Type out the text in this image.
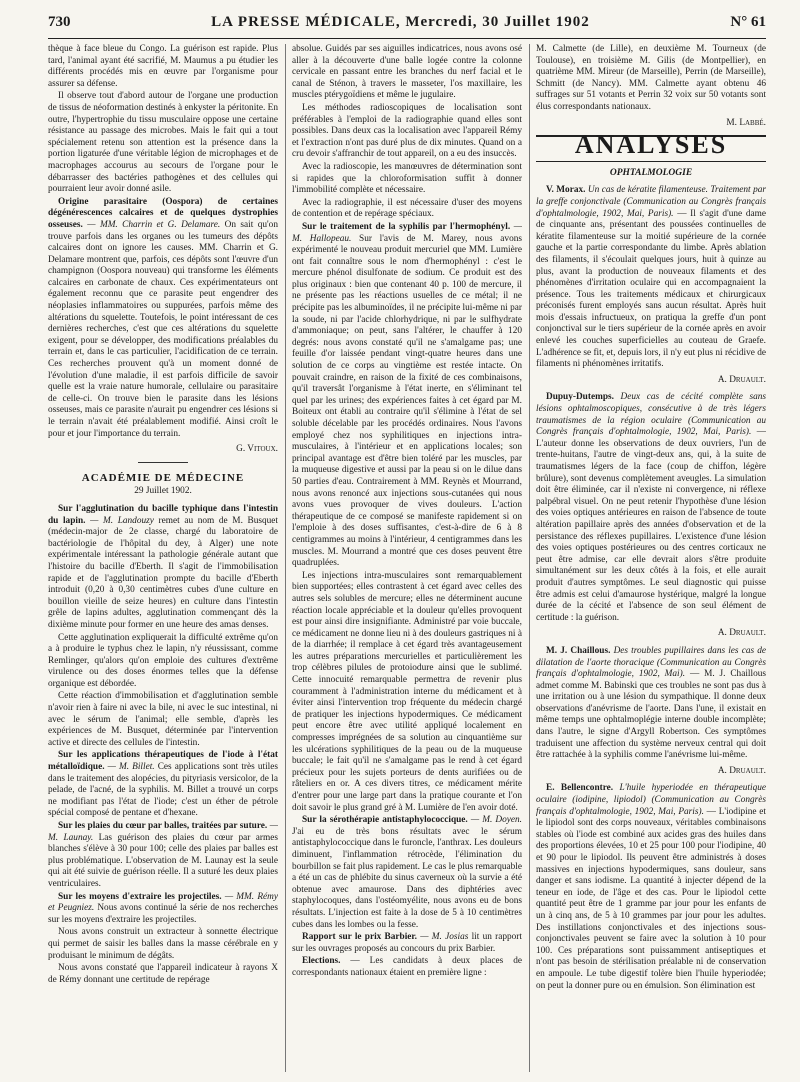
730	LA PRESSE MÉDICALE, Mercredi, 30 Juillet 1902	N° 61

thèque à face bleue du Congo. La guérison est rapide. Plus tard, l'animal ayant été sacrifié, M. Maumus a pu étudier les différents procédés mis en œuvre par l'organisme pour assurer sa défense.

Il observe tout d'abord autour de l'organe une production de tissus de néoformation destinés à enkyster la péritonite. En outre, l'hypertrophie du tissu musculaire oppose une certaine résistance au passage des microbes. Mais le fait qui a tout spécialement retenu son attention est la présence dans la portion ligaturée d'une véritable légion de microphages et de macrophages accourus au secours de l'organe pour le débarrasser des bactéries pathogènes et des cellules qui pourraient leur avoir donné asile.

Origine parasitaire (Oospora) de certaines dégénérescences calcaires et de quelques dystrophies osseuses. — MM. Charrin et G. Delamare. On sait qu'on trouve parfois dans les organes ou les tumeurs des dépôts calcaires dont on ignore les causes. MM. Charrin et G. Delamare montrent que, parfois, ces dépôts sont l'œuvre d'un champignon (Oospora nouveau) qui transforme les éléments calcaires en carbonate de chaux. Ces expérimentateurs ont également reconnu que ce parasite peut engendrer des néoplasies inflammatoires ou suppurées, parfois même des altérations du squelette. Toutefois, le point intéressant de ces dernières recherches, c'est que ces altérations du squelette exigent, pour se développer, des modifications préalables du terrain et, dans le cas particulier, l'acidification de ce terrain. Ces recherches prouvent qu'à un moment donné de l'évolution d'une maladie, il est parfois difficile de savoir quelle est la vraie nature humorale, cellulaire ou parasitaire de celle-ci. On trouve bien le parasite dans les lésions osseuses, mais ce parasite n'aurait pu engendrer ces lésions si le terrain n'avait été préalablement modifié. Ainsi croît le pour et jour l'importance du terrain.

G. Vitoux.

ACADÉMIE DE MÉDECINE

29 Juillet 1902.

Sur l'agglutination du bacille typhique dans l'intestin du lapin. — M. Landouzy remet au nom de M. Busquet (médecin-major de 2e classe, chargé du laboratoire de bactériologie de l'hôpital du dey, à Alger) une note expérimentale intéressant la pathologie générale autant que l'histoire du bacille d'Eberth. Il s'agit de l'immobilisation rapide et de l'agglutination prompte du bacille d'Eberth introduit (0,20 à 0,30 centimètres cubes d'une culture en bouillon vieille de seize heures) en culture dans l'intestin grêle de lapins adultes, agglutination commençant dès la dixième minute pour former en une heure des amas denses.

Cette agglutination expliquerait la difficulté extrême qu'on a à produire le typhus chez le lapin, n'y réussissant, comme Remlinger, qu'alors qu'on emploie des cultures d'extrême virulence ou des doses énormes telles que la défense organique est débordée.

Cette réaction d'immobilisation et d'agglutination semble n'avoir rien à faire ni avec la bile, ni avec le suc intestinal, ni avec le sérum de l'animal; elle semble, d'après les expériences de M. Busquet, déterminée par l'intervention active et directe des cellules de l'intestin.

Sur les applications thérapeutiques de l'iode à l'état métalloïdique. — M. Billet. Ces applications sont très utiles dans le traitement des alopécies, du pityriasis versicolor, de la pelade, de l'acné, de la syphilis. M. Billet a trouvé un corps ne modifiant pas l'état de l'iode; c'est un éther de pétrole spécial composé de pentane et d'hexane.

Sur les plaies du cœur par balles, traitées par suture. — M. Launay. Las guérison des plaies du cœur par armes blanches s'élève à 30 pour 100; celle des plaies par balles est plus problématique. L'observation de M. Launay est la seule qui ait été suivie de guérison réelle. Il a suturé les deux plaies ventriculaires.

Sur les moyens d'extraire les projectiles. — MM. Rémy et Peugniez. Nous avons continué la série de nos recherches sur les moyens d'extraire les projectiles.

Nous avons construit un extracteur à sonnette électrique qui permet de saisir les balles dans la masse cérébrale en y produisant le minimum de dégâts.

Nous avons constaté que l'appareil indicateur à rayons X de Rémy donnant une certitude de repérage

absolue. Guidés par ses aiguilles indicatrices, nous avons osé aller à la découverte d'une balle logée contre la colonne cervicale en passant entre les branches du nerf facial et le canal de Sténon, à travers le masseter, l'os maxillaire, les muscles ptérygoïdiens et même le jugulaire.

Les méthodes radioscopiques de localisation sont préférables à l'emploi de la radiographie quand elles sont possibles. Dans deux cas la localisation avec l'appareil Rémy et l'extraction n'ont pas duré plus de dix minutes. Quand on a cru devoir s'affranchir de tout appareil, on a eu des insuccès.

Avec la radioscopie, les manœuvres de détermination sont si rapides que la chloroformisation suffit à donner l'immobilité complète et nécessaire.

Avec la radiographie, il est nécessaire d'user des moyens de contention et de repérage spéciaux.

Sur le traitement de la syphilis par l'hermophényl. — M. Hallopeau. Sur l'avis de M. Marey, nous avons expérimenté le nouveau produit mercuriel que MM. Lumière ont fait connaître sous le nom d'hermophényl : c'est le mercure phénol disulfonate de sodium. Ce produit est des plus originaux : bien que contenant 40 p. 100 de mercure, il ne présente pas les réactions usuelles de ce métal; il ne précipite pas les albuminoïdes, il ne précipite lui-même ni par la soude, ni par l'acide chlorhydrique, ni par le sulfhydrate d'ammoniaque; on peut, sans l'altérer, le chauffer à 120 degrés: nous avons constaté qu'il ne s'amalgame pas; une feuille d'or laissée pendant vingt-quatre heures dans une solution de ce corps au vingtième est restée intacte. On pouvait craindre, en raison de la fixité de ces combinaisons, qu'il traversât l'organisme à l'état inerte, en s'éliminant tel quel par les urines; des expériences faites à cet égard par M. Boiteux ont établi au contraire qu'il s'élimine à l'état de sel soluble décelable par les procédés ordinaires. Nous l'avons employé chez nos syphilitiques en injections intra-musculaires, à l'intérieur et en applications locales; son principal avantage est d'être bien toléré par les muscles, par la muqueuse digestive et aussi par la peau si on le dilue dans 50 parties d'eau. Contrairement à MM. Reynès et Mourrand, nous avons renoncé aux injections sous-cutanées qui nous avons vues provoquer de vives douleurs. L'action thérapeutique de ce composé se manifeste rapidement si on l'emploie à des doses suffisantes, c'est-à-dire de 6 à 8 centigrammes au moins à l'intérieur, 4 centigrammes dans les muscles. M. Mourrand a montré que ces doses peuvent être quadruplées.

Les injections intra-musculaires sont remarquablement bien supportées; elles contrastent à cet égard avec celles des autres sels solubles de mercure; elles ne déterminent aucune réaction locale appréciable et la douleur qu'elles provoquent est pour ainsi dire insignifiante. Administré par voie buccale, ce médicament ne donne lieu ni à des douleurs gastriques ni à de la diarrhée; il remplace à cet égard très avantageusement les autres préparations mercurielles et particulièrement les trop célèbres pilules de protoiodure ainsi que le sublimé. Cette innocuité remarquable permettra de revenir plus couramment à l'administration interne du médicament et à éviter ainsi l'intervention trop fréquente du médecin chargé de pratiquer les injections hypodermiques. Ce médicament peut encore être avec utilité appliqué localement en compresses imprégnées de sa solution au cinquantième sur les ulcérations syphilitiques de la peau ou de la muqueuse buccale; le fait qu'il ne s'amalgame pas le rend à cet égard précieux pour les sujets porteurs de dents aurifiées ou de râteliers en or. A ces divers titres, ce médicament mérite d'entrer pour une large part dans la pratique courante et l'on doit savoir le plus grand gré à M. Lumière de l'en avoir doté.

Sur la sérothérapie antistaphylococcique. — M. Doyen. J'ai eu de très bons résultats avec le sérum antistaphylococcique dans le furoncle, l'anthrax. Les douleurs diminuent, l'inflammation rétrocède, l'élimination du bourbillon se fait plus rapidement. Le cas le plus remarquable a été un cas de phlébite du sinus caverneux où la survie a été obtenue avec amaurose. Dans des diphtéries avec staphylocoques, dans l'ostéomyélite, nous avons eu de bons résultats. L'injection est faite à la dose de 5 à 10 centimètres cubes dans les lombes ou la fesse.

Rapport sur le prix Barbier. — M. Josias lit un rapport sur les ouvrages proposés au concours du prix Barbier.

Elections. — Les candidats à deux places de correspondants nationaux étaient en première ligne :

M. Calmette (de Lille), en deuxième M. Tourneux (de Toulouse), en troisième M. Gilis (de Montpellier), en quatrième MM. Mireur (de Marseille), Perrin (de Marseille), Schmitt (de Nancy). MM. Calmette ayant obtenu 46 suffrages sur 51 votants et Perrin 32 voix sur 50 votants sont élus correspondants nationaux.

M. Labbé.

ANALYSES

OPHTALMOLOGIE

V. Morax. Un cas de kératite filamenteuse. Traitement par la greffe conjonctivale (Communication au Congrès français d'ophtalmologie, 1902, Mai, Paris). — Il s'agit d'une dame de cinquante ans, présentant des poussées continuelles de kératite filamenteuse sur la moitié supérieure de la cornée gauche et la partie correspondante du limbe. Après ablation des filaments, il s'écoulait quelques jours, huit à quinze au plus, avant la production de nouveaux filaments et des phénomènes d'irritation oculaire qui en accompagnaient la présence. Tous les traitements médicaux et chirurgicaux préconisés furent employés sans aucun résultat. Après huit mois d'essais infructueux, on pratiqua la greffe d'un pont conjonctival sur le tiers supérieur de la cornée après en avoir enlevé les couches superficielles au couteau de Graefe. L'adhérence se fit, et, depuis lors, il n'y eut plus ni récidive de filaments ni phénomènes irritatifs.

A. Druault.

Dupuy-Dutemps. Deux cas de cécité complète sans lésions ophtalmoscopiques, consécutive à de très légers traumatismes de la région oculaire (Communication au Congrès français d'ophtalmologie, 1902, Mai, Paris). — L'auteur donne les observations de deux ouvriers, l'un de trente-huitans, l'autre de vingt-deux ans, qui, à la suite de traumatismes légers de la face (coup de chiffon, légère brûlure), sont devenus complètement aveugles. La simulation doit être éliminée, car il n'existe ni convergence, ni réflexe palpébral visuel. On ne peut retenir l'hypothèse d'une lésion des voies optiques antérieures en raison de l'absence de toute altération papillaire après des années d'observation et de la persistance des réflexes pupillaires. L'existence d'une lésion des voies optiques postérieures ou des centres corticaux ne peut être admise, car elle devrait alors s'être produite simultanément sur les deux côtés à la fois, et elle aurait produit d'autres symptômes. Le seul diagnostic qui puisse être admis est celui d'amaurose hystérique, malgré la longue durée de la cécité et l'absence de son seul élément de certitude : la guérison.

A. Druault.

M. J. Chaillous. Des troubles pupillaires dans les cas de dilatation de l'aorte thoracique (Communication au Congrès français d'ophtalmologie, 1902, Mai). — M. J. Chaillous admet comme M. Babinski que ces troubles ne sont pas dus à une irritation ou à une lésion du sympathique. Il donne deux observations d'anévrisme de l'aorte. Dans l'une, il existait en même temps une ophtalmoplégie interne double incomplète; dans l'autre, le signe d'Argyll Robertson. Ces symptômes traduisent une affection du système nerveux central qui doit être rattachée à la syphilis comme l'anévrisme lui-même.

A. Druault.

E. Bellencontre. L'huile hyperiodée en thérapeutique oculaire (iodipine, lipiodol) (Communication au Congrès français d'ophtalmologie, 1902, Mai, Paris). — L'iodipine et le lipiodol sont des corps nouveaux, véritables combinaisons stables où l'iode est combiné aux acides gras des huiles dans des proportions élevées, 10 et 25 pour 100 pour l'iodipine, 40 et 90 pour le lipiodol. Ils peuvent être administrés à doses massives en injections hypodermiques, sans douleur, sans danger et sans iodisme. La quantité à injecter dépend de la teneur en iode, de l'âge et des cas. Pour le lipiodol cette quantité peut être de 1 gramme par jour pour les enfants de un à cinq ans, de 5 à 10 grammes par jour pour les adultes. Des instillations conjonctivales et des injections sous-conjonctivales peuvent se faire avec la solution à 10 pour 100. Ces préparations sont puissamment antiseptiques et n'ont pas besoin de stérilisation préalable ni de conservation en ampoule. Le tube digestif tolère bien l'huile hyperiodée; on peut la donner pure ou en émulsion. Son élimination est
